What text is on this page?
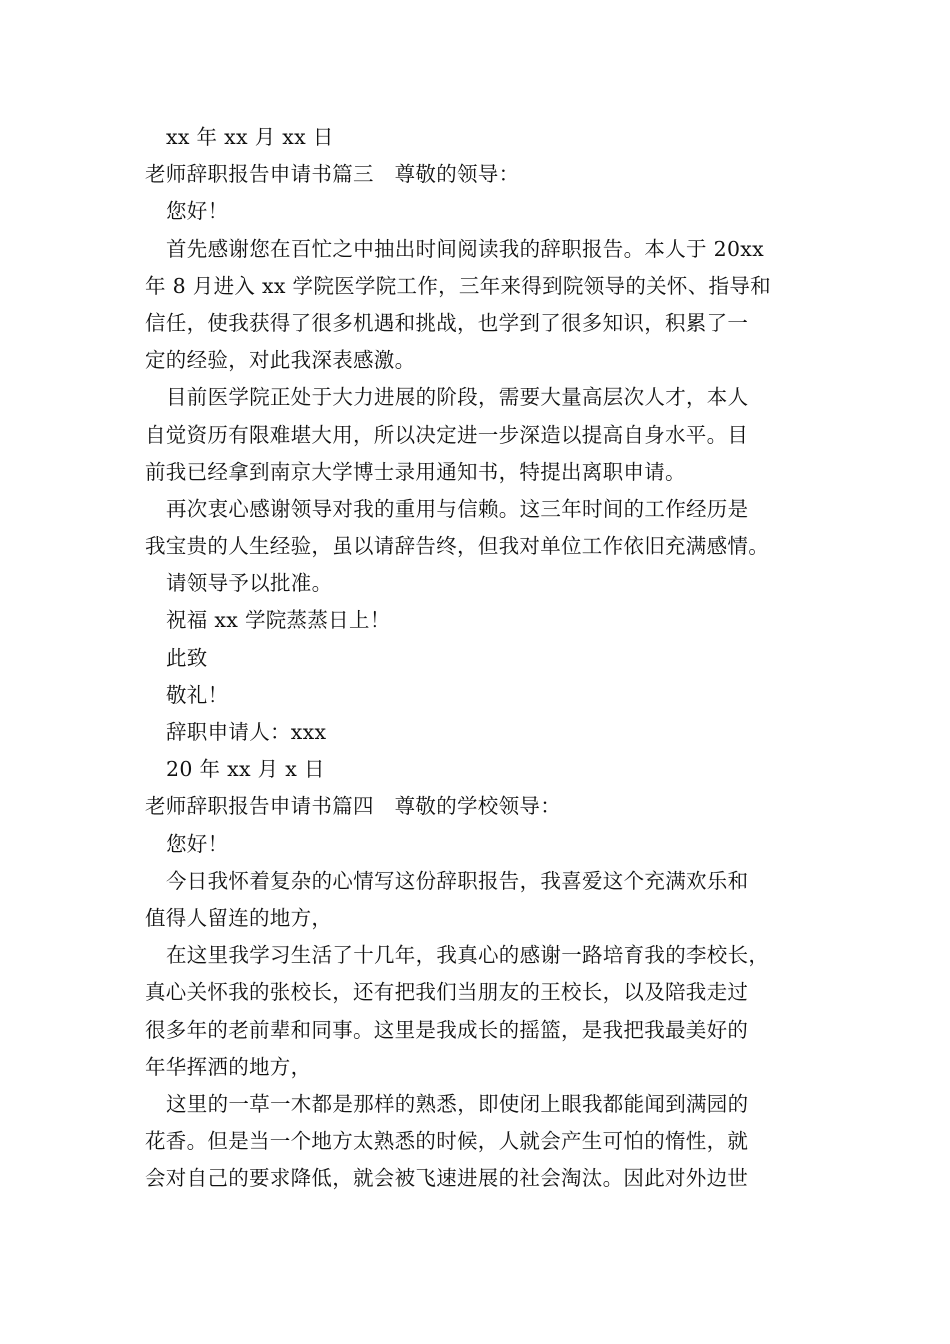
xx 年 xx 月 xx 日
老师辞职报告申请书篇三　尊敬的领导：
您好！
首先感谢您在百忙之中抽出时间阅读我的辞职报告。本人于 20xx
年 8 月进入 xx 学院医学院工作，三年来得到院领导的关怀、指导和
信任，使我获得了很多机遇和挑战，也学到了很多知识，积累了一
定的经验，对此我深表感激。
目前医学院正处于大力进展的阶段，需要大量高层次人才，本人
自觉资历有限难堪大用，所以决定进一步深造以提高自身水平。目
前我已经拿到南京大学博士录用通知书，特提出离职申请。
再次衷心感谢领导对我的重用与信赖。这三年时间的工作经历是
我宝贵的人生经验，虽以请辞告终，但我对单位工作依旧充满感情。
请领导予以批准。
祝福 xx 学院蒸蒸日上！
此致
敬礼！
辞职申请人：xxx
20 年 xx 月 x 日
老师辞职报告申请书篇四　尊敬的学校领导：
您好！
今日我怀着复杂的心情写这份辞职报告，我喜爱这个充满欢乐和
值得人留连的地方，
在这里我学习生活了十几年，我真心的感谢一路培育我的李校长，
真心关怀我的张校长，还有把我们当朋友的王校长，以及陪我走过
很多年的老前辈和同事。这里是我成长的摇篮，是我把我最美好的
年华挥洒的地方，
这里的一草一木都是那样的熟悉，即使闭上眼我都能闻到满园的
花香。但是当一个地方太熟悉的时候，人就会产生可怕的惰性，就
会对自己的要求降低，就会被飞速进展的社会淘汰。因此对外边世
